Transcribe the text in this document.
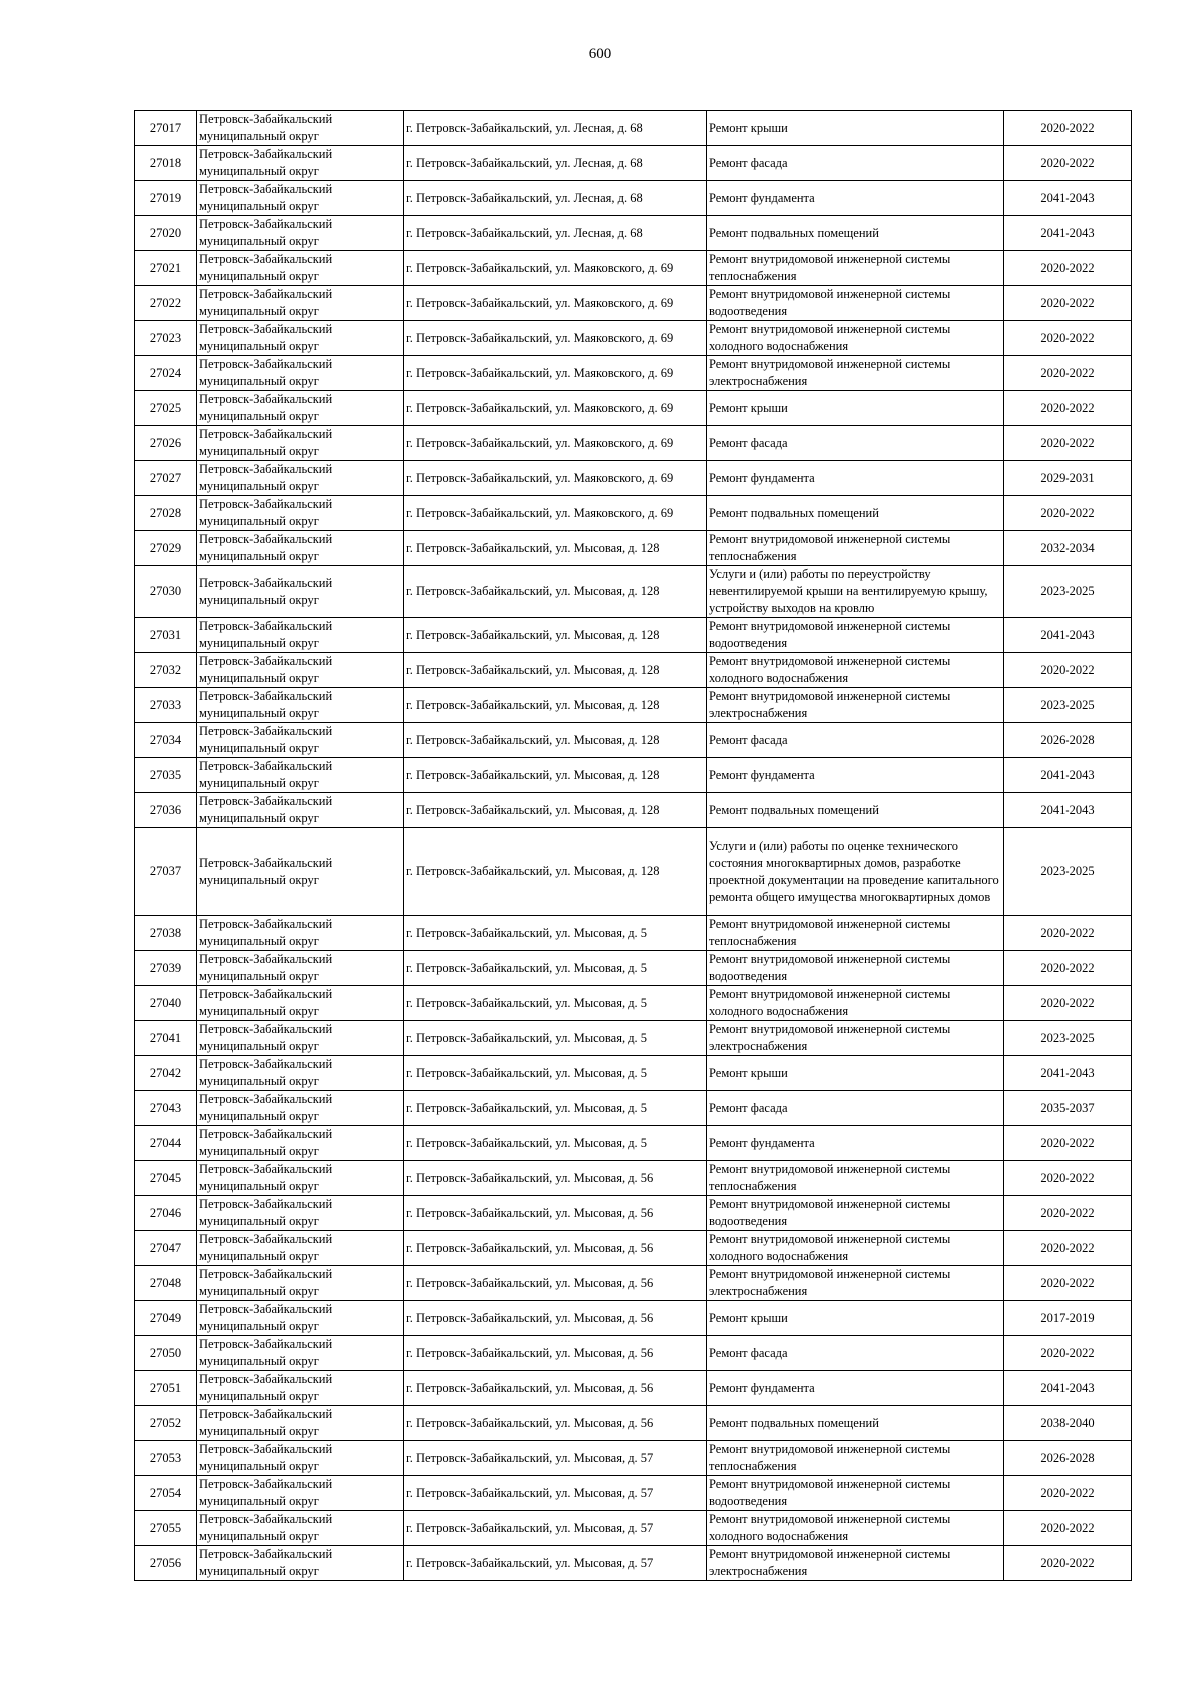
600
27017	Петровск-Забайкальский муниципальный округ	г. Петровск-Забайкальский, ул. Лесная, д. 68	Ремонт крыши	2020-2022
27018	Петровск-Забайкальский муниципальный округ	г. Петровск-Забайкальский, ул. Лесная, д. 68	Ремонт фасада	2020-2022
27019	Петровск-Забайкальский муниципальный округ	г. Петровск-Забайкальский, ул. Лесная, д. 68	Ремонт фундамента	2041-2043
27020	Петровск-Забайкальский муниципальный округ	г. Петровск-Забайкальский, ул. Лесная, д. 68	Ремонт подвальных помещений	2041-2043
27021	Петровск-Забайкальский муниципальный округ	г. Петровск-Забайкальский, ул. Маяковского, д. 69	Ремонт внутридомовой инженерной системы теплоснабжения	2020-2022
27022	Петровск-Забайкальский муниципальный округ	г. Петровск-Забайкальский, ул. Маяковского, д. 69	Ремонт внутридомовой инженерной системы водоотведения	2020-2022
27023	Петровск-Забайкальский муниципальный округ	г. Петровск-Забайкальский, ул. Маяковского, д. 69	Ремонт внутридомовой инженерной системы холодного водоснабжения	2020-2022
27024	Петровск-Забайкальский муниципальный округ	г. Петровск-Забайкальский, ул. Маяковского, д. 69	Ремонт внутридомовой инженерной системы электроснабжения	2020-2022
27025	Петровск-Забайкальский муниципальный округ	г. Петровск-Забайкальский, ул. Маяковского, д. 69	Ремонт крыши	2020-2022
27026	Петровск-Забайкальский муниципальный округ	г. Петровск-Забайкальский, ул. Маяковского, д. 69	Ремонт фасада	2020-2022
27027	Петровск-Забайкальский муниципальный округ	г. Петровск-Забайкальский, ул. Маяковского, д. 69	Ремонт фундамента	2029-2031
27028	Петровск-Забайкальский муниципальный округ	г. Петровск-Забайкальский, ул. Маяковского, д. 69	Ремонт подвальных помещений	2020-2022
27029	Петровск-Забайкальский муниципальный округ	г. Петровск-Забайкальский, ул. Мысовая, д. 128	Ремонт внутридомовой инженерной системы теплоснабжения	2032-2034
27030	Петровск-Забайкальский муниципальный округ	г. Петровск-Забайкальский, ул. Мысовая, д. 128	Услуги и (или) работы по переустройству невентилируемой крыши на вентилируемую крышу, устройству выходов на кровлю	2023-2025
27031	Петровск-Забайкальский муниципальный округ	г. Петровск-Забайкальский, ул. Мысовая, д. 128	Ремонт внутридомовой инженерной системы водоотведения	2041-2043
27032	Петровск-Забайкальский муниципальный округ	г. Петровск-Забайкальский, ул. Мысовая, д. 128	Ремонт внутридомовой инженерной системы холодного водоснабжения	2020-2022
27033	Петровск-Забайкальский муниципальный округ	г. Петровск-Забайкальский, ул. Мысовая, д. 128	Ремонт внутридомовой инженерной системы электроснабжения	2023-2025
27034	Петровск-Забайкальский муниципальный округ	г. Петровск-Забайкальский, ул. Мысовая, д. 128	Ремонт фасада	2026-2028
27035	Петровск-Забайкальский муниципальный округ	г. Петровск-Забайкальский, ул. Мысовая, д. 128	Ремонт фундамента	2041-2043
27036	Петровск-Забайкальский муниципальный округ	г. Петровск-Забайкальский, ул. Мысовая, д. 128	Ремонт подвальных помещений	2041-2043
27037	Петровск-Забайкальский муниципальный округ	г. Петровск-Забайкальский, ул. Мысовая, д. 128	Услуги и (или) работы по оценке технического состояния многоквартирных домов, разработке проектной документации на проведение капитального ремонта общего имущества многоквартирных домов	2023-2025
27038	Петровск-Забайкальский муниципальный округ	г. Петровск-Забайкальский, ул. Мысовая, д. 5	Ремонт внутридомовой инженерной системы теплоснабжения	2020-2022
27039	Петровск-Забайкальский муниципальный округ	г. Петровск-Забайкальский, ул. Мысовая, д. 5	Ремонт внутридомовой инженерной системы водоотведения	2020-2022
27040	Петровск-Забайкальский муниципальный округ	г. Петровск-Забайкальский, ул. Мысовая, д. 5	Ремонт внутридомовой инженерной системы холодного водоснабжения	2020-2022
27041	Петровск-Забайкальский муниципальный округ	г. Петровск-Забайкальский, ул. Мысовая, д. 5	Ремонт внутридомовой инженерной системы электроснабжения	2023-2025
27042	Петровск-Забайкальский муниципальный округ	г. Петровск-Забайкальский, ул. Мысовая, д. 5	Ремонт крыши	2041-2043
27043	Петровск-Забайкальский муниципальный округ	г. Петровск-Забайкальский, ул. Мысовая, д. 5	Ремонт фасада	2035-2037
27044	Петровск-Забайкальский муниципальный округ	г. Петровск-Забайкальский, ул. Мысовая, д. 5	Ремонт фундамента	2020-2022
27045	Петровск-Забайкальский муниципальный округ	г. Петровск-Забайкальский, ул. Мысовая, д. 56	Ремонт внутридомовой инженерной системы теплоснабжения	2020-2022
27046	Петровск-Забайкальский муниципальный округ	г. Петровск-Забайкальский, ул. Мысовая, д. 56	Ремонт внутридомовой инженерной системы водоотведения	2020-2022
27047	Петровск-Забайкальский муниципальный округ	г. Петровск-Забайкальский, ул. Мысовая, д. 56	Ремонт внутридомовой инженерной системы холодного водоснабжения	2020-2022
27048	Петровск-Забайкальский муниципальный округ	г. Петровск-Забайкальский, ул. Мысовая, д. 56	Ремонт внутридомовой инженерной системы электроснабжения	2020-2022
27049	Петровск-Забайкальский муниципальный округ	г. Петровск-Забайкальский, ул. Мысовая, д. 56	Ремонт крыши	2017-2019
27050	Петровск-Забайкальский муниципальный округ	г. Петровск-Забайкальский, ул. Мысовая, д. 56	Ремонт фасада	2020-2022
27051	Петровск-Забайкальский муниципальный округ	г. Петровск-Забайкальский, ул. Мысовая, д. 56	Ремонт фундамента	2041-2043
27052	Петровск-Забайкальский муниципальный округ	г. Петровск-Забайкальский, ул. Мысовая, д. 56	Ремонт подвальных помещений	2038-2040
27053	Петровск-Забайкальский муниципальный округ	г. Петровск-Забайкальский, ул. Мысовая, д. 57	Ремонт внутридомовой инженерной системы теплоснабжения	2026-2028
27054	Петровск-Забайкальский муниципальный округ	г. Петровск-Забайкальский, ул. Мысовая, д. 57	Ремонт внутридомовой инженерной системы водоотведения	2020-2022
27055	Петровск-Забайкальский муниципальный округ	г. Петровск-Забайкальский, ул. Мысовая, д. 57	Ремонт внутридомовой инженерной системы холодного водоснабжения	2020-2022
27056	Петровск-Забайкальский муниципальный округ	г. Петровск-Забайкальский, ул. Мысовая, д. 57	Ремонт внутридомовой инженерной системы электроснабжения	2020-2022
